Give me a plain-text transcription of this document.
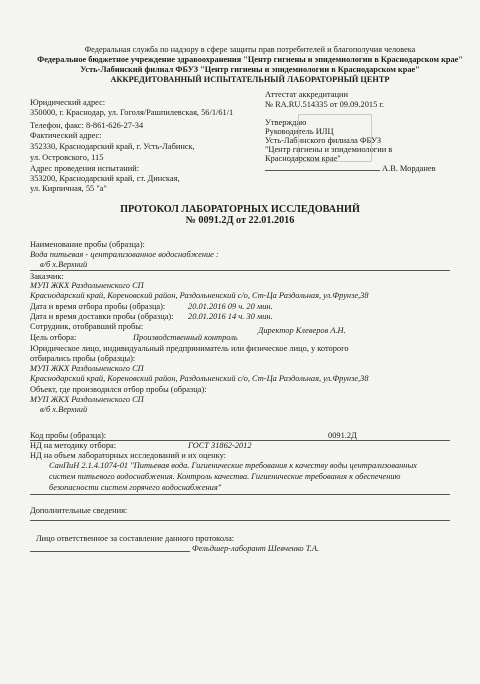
Федеральная служба по надзору в сфере защиты прав потребителей и благополучия человека
Федеральное бюджетное учреждение здравоохранения "Центр гигиены и эпидемиологии в Краснодарском крае"
Усть-Лабинский филиал ФБУЗ "Центр гигиены и эпидемиологии в Краснодарском крае"
АККРЕДИТОВАННЫЙ ИСПЫТАТЕЛЬНЫЙ ЛАБОРАТОРНЫЙ ЦЕНТР
Юридический адрес:
350000, г. Краснодар, ул. Гоголя/Рашпилевская, 56/1/61/1
Телефон, факс: 8-861-626-27-34
Фактический адрес:
352330, Краснодарский край, г. Усть-Лабинск,
ул. Островского, 115
Адрес проведения испытаний:
353200, Краснодарский край, ст. Динская,
ул. Кирпичная, 55 "а"
Аттестат аккредитации
№ RA.RU.514335 от 09.09.2015 г.
Утверждаю
Руководитель ИЛЦ
Усть-Лабинского филиала ФБУЗ
"Центр гигиены и эпидемиологии в
Краснодарском крае"
А.В. Морданев
ПРОТОКОЛ ЛАБОРАТОРНЫХ ИССЛЕДОВАНИЙ
№ 0091.2Д от 22.01.2016
Наименование пробы (образца):
Вода питьевая - централизованное водоснабжение :
в/б х.Верхний
Заказчик:
МУП ЖКХ Раздольненского СП
Краснодарский край, Кореновский район, Раздольненский с/о, Ст-Ца Раздольная, ул.Фрунзе,38
Дата и время отбора пробы (образца):	20.01.2016 09 ч. 20 мин.
Дата и время доставки пробы (образца): 20.01.2016 14 ч. 30 мин.
Сотрудник, отобравший пробы:	Директор Клеверов А.Н.
Цель отбора:	Производственный контроль
Юридическое лицо, индивидуальный предприниматель или физическое лицо, у которого
отбирались пробы (образцы):
МУП ЖКХ Раздольненского СП
Краснодарский край, Кореновский район, Раздольненский с/о, Ст-Ца Раздольная, ул.Фрунзе,38
Объект, где производился отбор пробы (образца):
МУП ЖКХ Раздольненского СП
в/б х.Верхний
Код пробы (образца):	0091.2Д
НД на методику отбора:	ГОСТ 31862-2012
НД на объем лабораторных исследований и их оценку:
СанПиН 2.1.4.1074-01 "Питьевая вода. Гигиенические требования к качеству воды централизованных
систем питьевого водоснабжения. Контроль качества. Гигиенические требования к обеспечению
безопасности систем горячего водоснабжения"
Дополнительные сведения:
Лицо ответственное за составление данного протокола:
Фельдшер-лаборант Шевченко Т.А.
